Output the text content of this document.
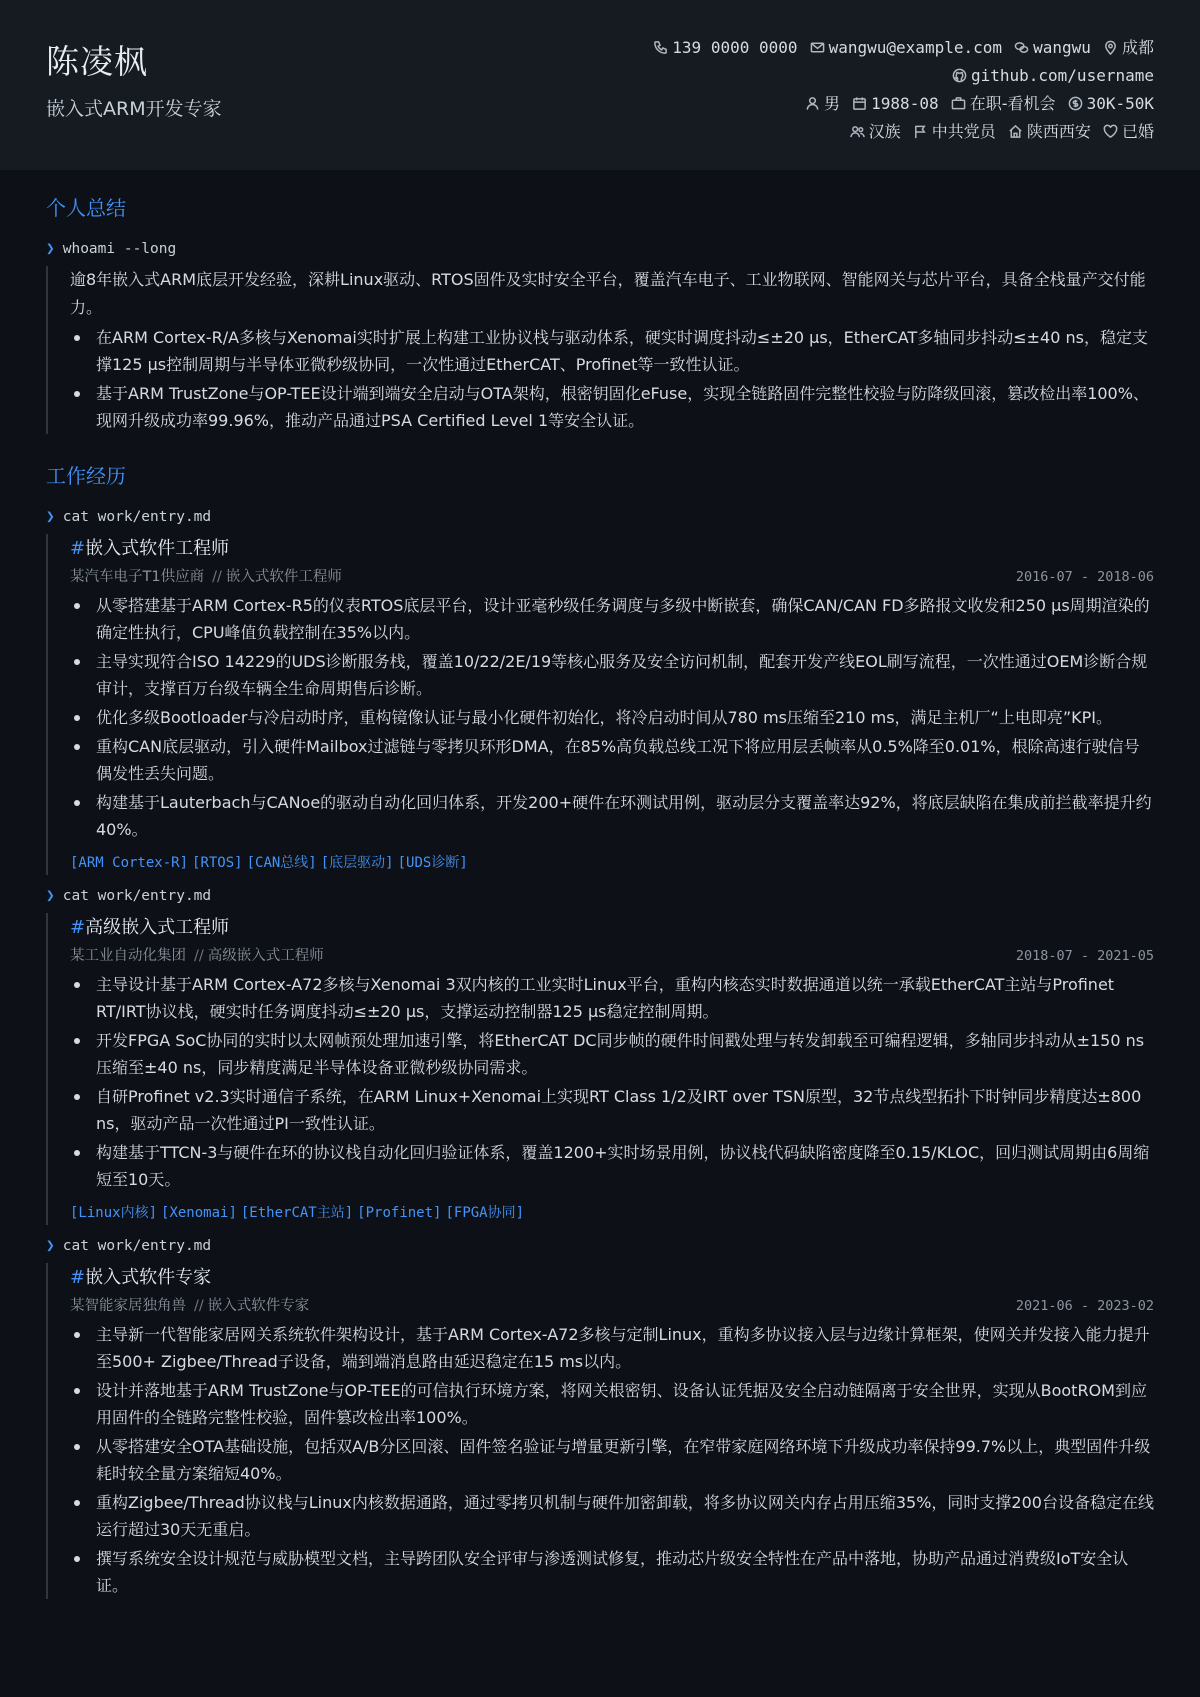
陈凌枫
嵌入式ARM开发专家
139 0000 0000 wangwu@example.com wangwu 成都
github.com/username
男 1988-08 在职-看机会 30K-50K
汉族 中共党员 陕西西安 已婚
个人总结
❯ whoami --long

逾8年嵌入式ARM底层开发经验，深耕Linux驱动、RTOS固件及实时安全平台，覆盖汽车电子、工业物联网、智能网关与芯片平台，具备全栈量产交付能力。

在ARM Cortex-R/A多核与Xenomai实时扩展上构建工业协议栈与驱动体系，硬实时调度抖动≤±20 μs，EtherCAT多轴同步抖动≤±40 ns，稳定支撑125 μs控制周期与半导体亚微秒级协同，一次性通过EtherCAT、Profinet等一致性认证。
基于ARM TrustZone与OP-TEE设计端到端安全启动与OTA架构，根密钥固化eFuse，实现全链路固件完整性校验与防降级回滚，篡改检出率100%、现网升级成功率99.96%，推动产品通过PSA Certified Level 1等安全认证。
工作经历
❯ cat work/entry.md
#嵌入式软件工程师
某汽车电子T1供应商 // 嵌入式软件工程师	2016-07 - 2018-06
从零搭建基于ARM Cortex-R5的仪表RTOS底层平台，设计亚毫秒级任务调度与多级中断嵌套，确保CAN/CAN FD多路报文收发和250 μs周期渲染的确定性执行，CPU峰值负载控制在35%以内。
主导实现符合ISO 14229的UDS诊断服务栈，覆盖10/22/2E/19等核心服务及安全访问机制，配套开发产线EOL刷写流程，一次性通过OEM诊断合规审计，支撑百万台级车辆全生命周期售后诊断。
优化多级Bootloader与冷启动时序，重构镜像认证与最小化硬件初始化，将冷启动时间从780 ms压缩至210 ms，满足主机厂“上电即亮”KPI。
重构CAN底层驱动，引入硬件Mailbox过滤链与零拷贝环形DMA，在85%高负载总线工况下将应用层丢帧率从0.5%降至0.01%，根除高速行驶信号偶发性丢失问题。
构建基于Lauterbach与CANoe的驱动自动化回归体系，开发200+硬件在环测试用例，驱动层分支覆盖率达92%，将底层缺陷在集成前拦截率提升约40%。
[ARM Cortex-R] [RTOS] [CAN总线] [底层驱动] [UDS诊断]
❯ cat work/entry.md
#高级嵌入式工程师
某工业自动化集团 // 高级嵌入式工程师	2018-07 - 2021-05
主导设计基于ARM Cortex-A72多核与Xenomai 3双内核的工业实时Linux平台，重构内核态实时数据通道以统一承载EtherCAT主站与Profinet RT/IRT协议栈，硬实时任务调度抖动≤±20 μs，支撑运动控制器125 μs稳定控制周期。
开发FPGA SoC协同的实时以太网帧预处理加速引擎，将EtherCAT DC同步帧的硬件时间戳处理与转发卸载至可编程逻辑，多轴同步抖动从±150 ns压缩至±40 ns，同步精度满足半导体设备亚微秒级协同需求。
自研Profinet v2.3实时通信子系统，在ARM Linux+Xenomai上实现RT Class 1/2及IRT over TSN原型，32节点线型拓扑下时钟同步精度达±800 ns，驱动产品一次性通过PI一致性认证。
构建基于TTCN-3与硬件在环的协议栈自动化回归验证体系，覆盖1200+实时场景用例，协议栈代码缺陷密度降至0.15/KLOC，回归测试周期由6周缩短至10天。
[Linux内核] [Xenomai] [EtherCAT主站] [Profinet] [FPGA协同]
❯ cat work/entry.md
#嵌入式软件专家
某智能家居独角兽 // 嵌入式软件专家	2021-06 - 2023-02
主导新一代智能家居网关系统软件架构设计，基于ARM Cortex-A72多核与定制Linux，重构多协议接入层与边缘计算框架，使网关并发接入能力提升至500+ Zigbee/Thread子设备，端到端消息路由延迟稳定在15 ms以内。
设计并落地基于ARM TrustZone与OP-TEE的可信执行环境方案，将网关根密钥、设备认证凭据及安全启动链隔离于安全世界，实现从BootROM到应用固件的全链路完整性校验，固件篡改检出率100%。
从零搭建安全OTA基础设施，包括双A/B分区回滚、固件签名验证与增量更新引擎，在窄带家庭网络环境下升级成功率保持99.7%以上，典型固件升级耗时较全量方案缩短40%。
重构Zigbee/Thread协议栈与Linux内核数据通路，通过零拷贝机制与硬件加密卸载，将多协议网关内存占用压缩35%，同时支撑200台设备稳定在线运行超过30天无重启。
撰写系统安全设计规范与威胁模型文档，主导跨团队安全评审与渗透测试修复，推动芯片级安全特性在产品中落地，协助产品通过消费级IoT安全认证。
